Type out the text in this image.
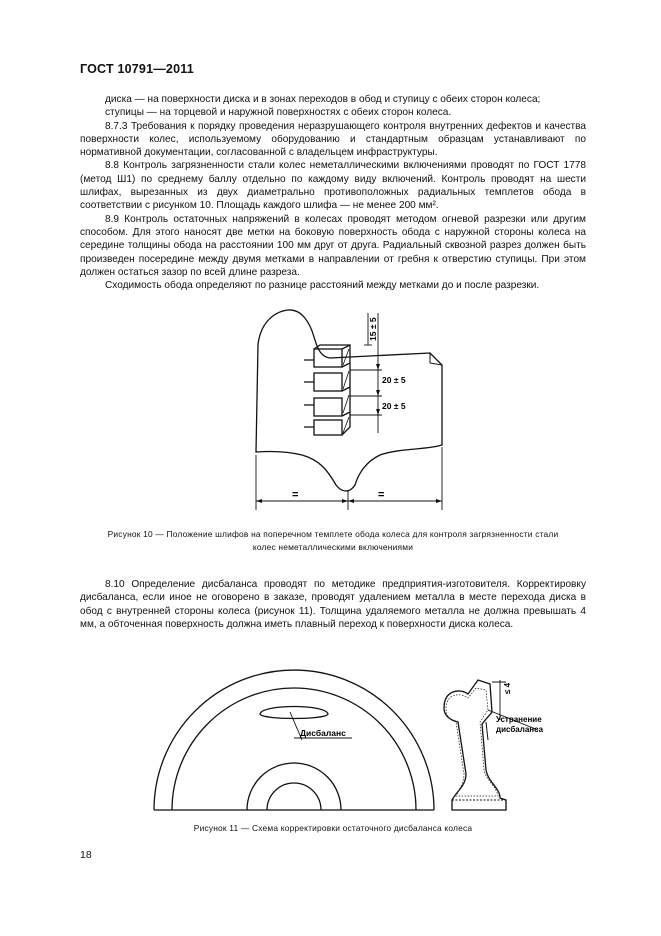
ГОСТ 10791—2011

диска — на поверхности диска и в зонах переходов в обод и ступицу с обеих сторон колеса;

ступицы — на торцевой и наружной поверхностях с обеих сторон колеса.

8.7.3 Требования к порядку проведения неразрушающего контроля внутренних дефектов и качества поверхности колес, используемому оборудованию и стандартным образцам устанавливают по нормативной документации, согласованной с владельцем инфраструктуры.

8.8 Контроль загрязненности стали колес неметаллическими включениями проводят по ГОСТ 1778 (метод Ш1) по среднему баллу отдельно по каждому виду включений. Контроль проводят на шести шлифах, вырезанных из двух диаметрально противоположных радиальных темплетов обода в соответствии с рисунком 10. Площадь каждого шлифа — не менее 200 мм².

8.9 Контроль остаточных напряжений в колесах проводят методом огневой разрезки или другим способом. Для этого наносят две метки на боковую поверхность обода с наружной стороны колеса на середине толщины обода на расстоянии 100 мм друг от друга. Радиальный сквозной разрез должен быть произведен посередине между двумя метками в направлении от гребня к отверстию ступицы. При этом должен остаться зазор по всей длине разреза.

Сходимость обода определяют по разнице расстояний между метками до и после разрезки.

15 ± 5
20 ± 5
20 ± 5
=	=
Рисунок 10 — Положение шлифов на поперечном темплете обода колеса для контроля загрязненности стали
колес неметаллическими включениями

8.10 Определение дисбаланса проводят по методике предприятия-изготовителя. Корректировку дисбаланса, если иное не оговорено в заказе, проводят удалением металла в месте перехода диска в обод с внутренней стороны колеса (рисунок 11). Толщина удаляемого металла не должна превышать 4 мм, а обточенная поверхность должна иметь плавный переход к поверхности диска колеса.

Дисбаланс
≤ 4
Устранение
дисбаланса
Рисунок 11 — Схема корректировки остаточного дисбаланса колеса
18
